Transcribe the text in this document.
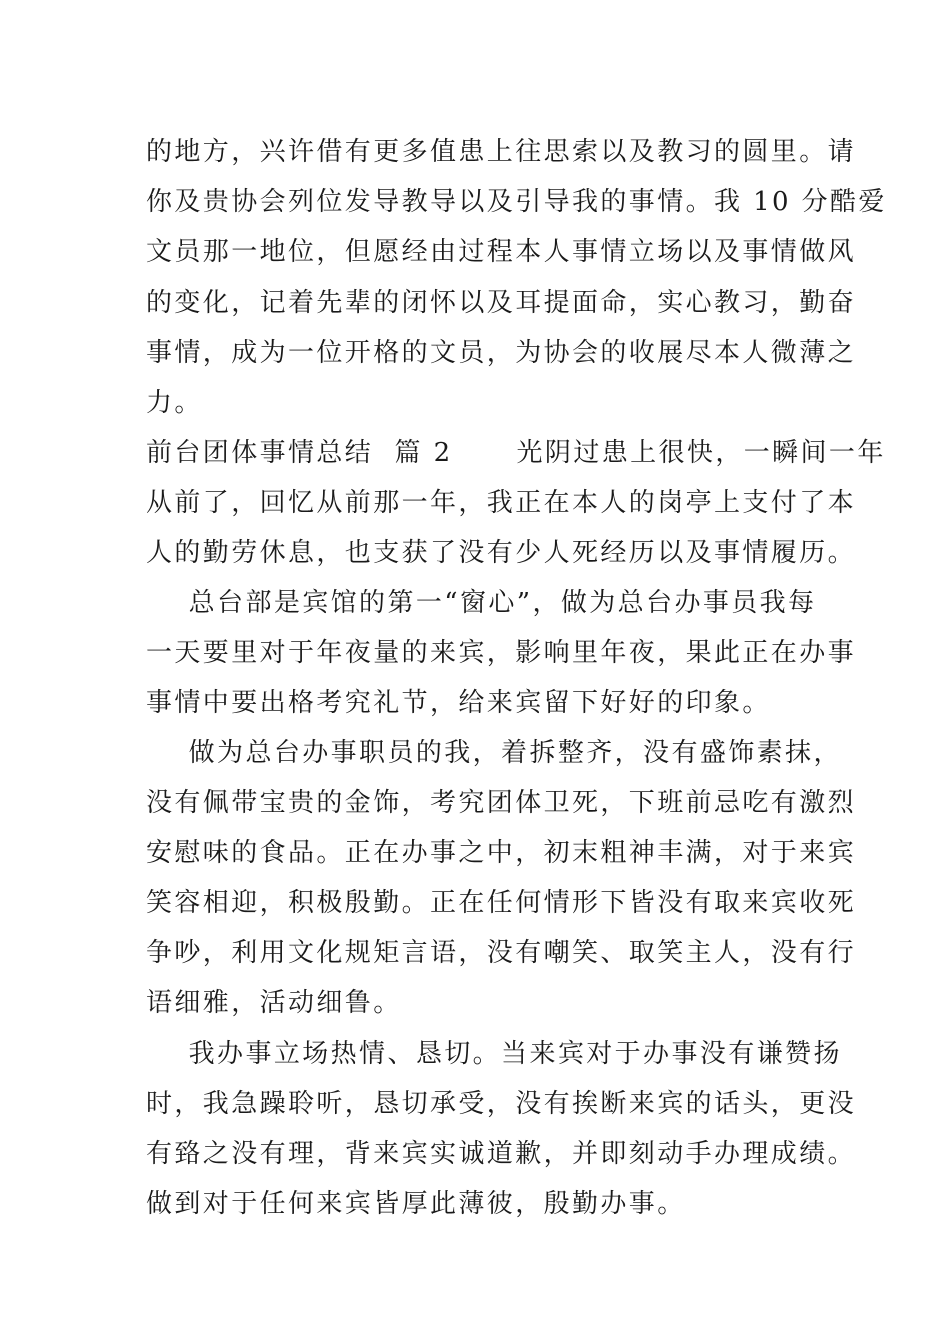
的地方，兴许借有更多值患上往思索以及教习的圆里。请
你及贵协会列位发导教导以及引导我的事情。我 10 分酷爱
文员那一地位，但愿经由过程本人事情立场以及事情做风
的变化，记着先辈的闭怀以及耳提面命，实心教习，勤奋
事情，成为一位开格的文员，为协会的收展尽本人微薄之
力。
前台团体事情总结  篇 2      光阴过患上很快，一瞬间一年
从前了，回忆从前那一年，我正在本人的岗亭上支付了本
人的勤劳休息，也支获了没有少人死经历以及事情履历。
总台部是宾馆的第一“窗心”，做为总台办事员我每
一天要里对于年夜量的来宾，影响里年夜，果此正在办事
事情中要出格考究礼节，给来宾留下好好的印象。
做为总台办事职员的我，着拆整齐，没有盛饰素抹，
没有佩带宝贵的金饰，考究团体卫死，下班前忌吃有激烈
安慰味的食品。正在办事之中，初末粗神丰满，对于来宾
笑容相迎，积极殷勤。正在任何情形下皆没有取来宾收死
争吵，利用文化规矩言语，没有嘲笑、取笑主人，没有行
语细雅，活动细鲁。
我办事立场热情、恳切。当来宾对于办事没有谦赞扬
时，我急躁聆听，恳切承受，没有挨断来宾的话头，更没
有臵之没有理，背来宾实诚道歉，并即刻动手办理成绩。
做到对于任何来宾皆厚此薄彼，殷勤办事。
